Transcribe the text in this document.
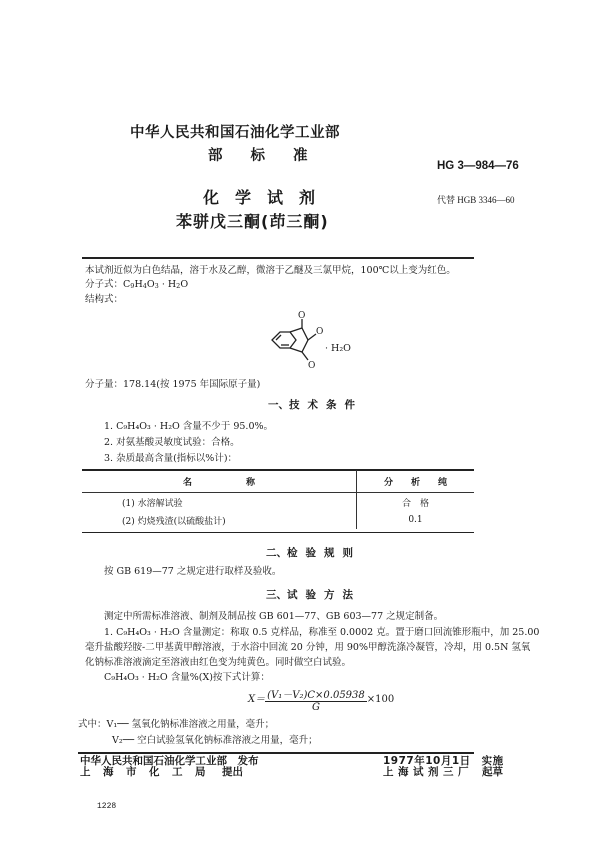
中华人民共和国石油化学工业部
部 标 准
HG 3—984—76
化 学 试 剂	代替 HGB 3346—60
苯骈戊三酮(茚三酮)
本试剂近似为白色结晶，溶于水及乙醇，微溶于乙醚及三氯甲烷，100℃以上变为红色。
分子式：$C_9H_4O_3 \cdot H_2O$
结构式：
O
O
O
· H₂O
分子量：178.14(按 1975 年国际原子量)
一、技 术 条 件
1. C₉H₄O₃ · H₂O 含量不少于 95.0%。
2. 对氨基酸灵敏度试验：合格。
3. 杂质最高含量(指标以%计)：
名　　　　　　称	分　　析　　纯
(1) 水溶解试验	合　格
(2) 灼烧残渣(以硫酸盐计)	0.1
二、检 验 规 则
按 GB 619—77 之规定进行取样及验收。
三、试 验 方 法
测定中所需标准溶液、制剂及制品按 GB 601—77、GB 603—77 之规定制备。
1. C₉H₄O₃ · H₂O 含量测定：称取 0.5 克样品，称准至 0.0002 克。置于磨口回流锥形瓶中，加 25.00
毫升盐酸羟胺-二甲基黄甲醇溶液，于水浴中回流 20 分钟，用 90%甲醇洗涤冷凝管，冷却，用 0.5N 氢氧
化钠标准溶液滴定至溶液由红色变为纯黄色。同时做空白试验。
C₉H₄O₃ · H₂O 含量%(X)按下式计算：
$X= \frac{\text{(V₁－V₂)C×0.05938}}{G} \times 100$
式中：V₁── 氢氧化钠标准溶液之用量，毫升；
V₂── 空白试验氢氧化钠标准溶液之用量，毫升；
中华人民共和国石油化学工业部　发布
上 海 市 化 工 局 提出
1977年10月1日　实施
上 海 试 剂 三 厂 起草
1228
